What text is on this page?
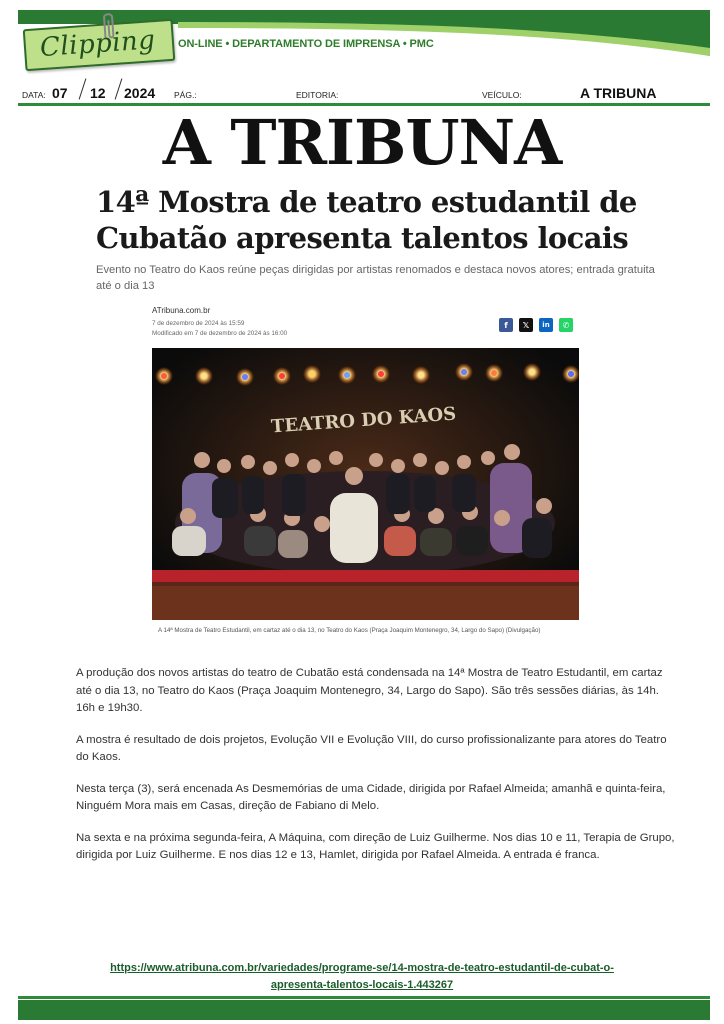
Clipping ON-LINE • DEPARTAMENTO DE IMPRENSA • PMC
DATA: 07 12 2024 PÁG.:	EDITORIA:	VEÍCULO:	A TRIBUNA
A TRIBUNA
14ª Mostra de teatro estudantil de
Cubatão apresenta talentos locais

Evento no Teatro do Kaos reúne peças dirigidas por artistas renomados e destaca novos atores; entrada gratuita até o dia 13

ATribuna.com.br
7 de dezembro de 2024 às 15:59
Modificado em 7 de dezembro de 2024 às 16:00
f	𝕏	in	✆
TEATRO DO KAOS
A 14ª Mostra de Teatro Estudantil, em cartaz até o dia 13, no Teatro do Kaos (Praça Joaquim Montenegro, 34, Largo do Sapo) (Divulgação)

A produção dos novos artistas do teatro de Cubatão está condensada na 14ª Mostra de Teatro Estudantil, em cartaz até o dia 13, no Teatro do Kaos (Praça Joaquim Montenegro, 34, Largo do Sapo). São três sessões diárias, às 14h. 16h e 19h30.

A mostra é resultado de dois projetos, Evolução VII e Evolução VIII, do curso profissionalizante para atores do Teatro do Kaos.

Nesta terça (3), será encenada As Desmemórias de uma Cidade, dirigida por Rafael Almeida; amanhã e quinta-feira, Ninguém Mora mais em Casas, direção de Fabiano di Melo.

Na sexta e na próxima segunda-feira, A Máquina, com direção de Luiz Guilherme. Nos dias 10 e 11, Terapia de Grupo, dirigida por Luiz Guilherme. E nos dias 12 e 13, Hamlet, dirigida por Rafael Almeida. A entrada é franca.

https://www.atribuna.com.br/variedades/programe-se/14-mostra-de-teatro-estudantil-de-cubat-o-
apresenta-talentos-locais-1.443267
